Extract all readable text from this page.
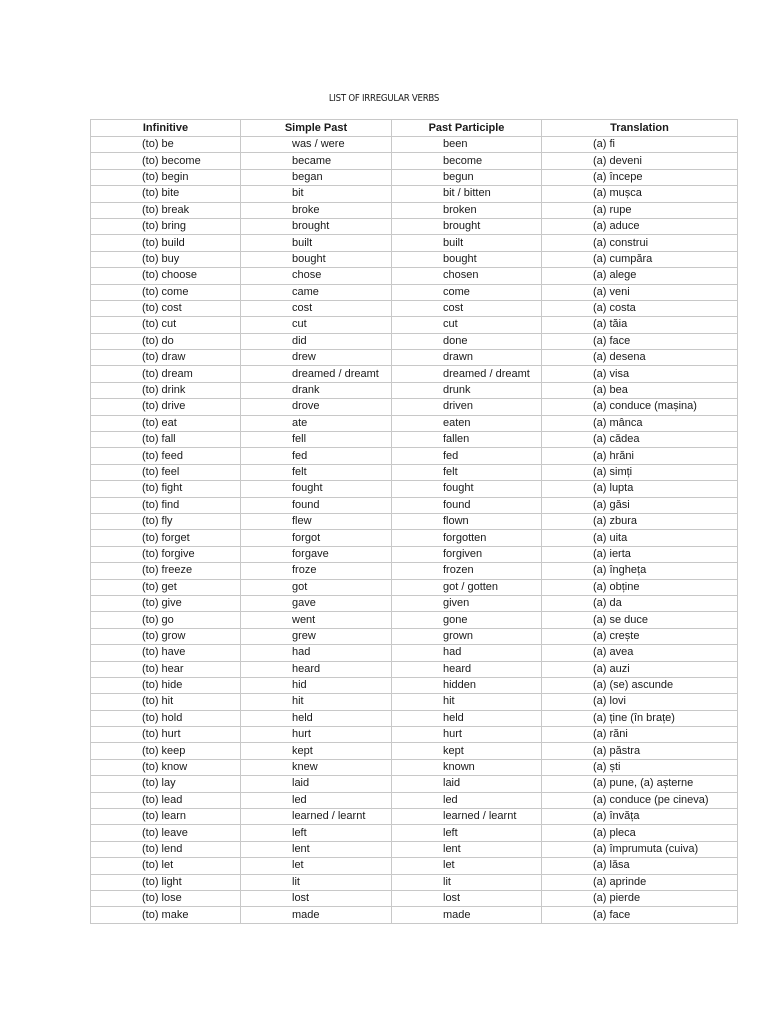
LIST OF IRREGULAR VERBS
Infinitive	Simple Past	Past Participle	Translation
(to) be	was / were	been	(a) fi
(to) become	became	become	(a) deveni
(to) begin	began	begun	(a) începe
(to) bite	bit	bit / bitten	(a) mușca
(to) break	broke	broken	(a) rupe
(to) bring	brought	brought	(a) aduce
(to) build	built	built	(a) construi
(to) buy	bought	bought	(a) cumpăra
(to) choose	chose	chosen	(a) alege
(to) come	came	come	(a) veni
(to) cost	cost	cost	(a) costa
(to) cut	cut	cut	(a) tăia
(to) do	did	done	(a) face
(to) draw	drew	drawn	(a) desena
(to) dream	dreamed / dreamt	dreamed / dreamt	(a) visa
(to) drink	drank	drunk	(a) bea
(to) drive	drove	driven	(a) conduce (mașina)
(to) eat	ate	eaten	(a) mânca
(to) fall	fell	fallen	(a) cădea
(to) feed	fed	fed	(a) hrăni
(to) feel	felt	felt	(a) simți
(to) fight	fought	fought	(a) lupta
(to) find	found	found	(a) găsi
(to) fly	flew	flown	(a) zbura
(to) forget	forgot	forgotten	(a) uita
(to) forgive	forgave	forgiven	(a) ierta
(to) freeze	froze	frozen	(a) îngheța
(to) get	got	got / gotten	(a) obține
(to) give	gave	given	(a) da
(to) go	went	gone	(a) se duce
(to) grow	grew	grown	(a) crește
(to) have	had	had	(a) avea
(to) hear	heard	heard	(a) auzi
(to) hide	hid	hidden	(a) (se) ascunde
(to) hit	hit	hit	(a) lovi
(to) hold	held	held	(a) ține (în brațe)
(to) hurt	hurt	hurt	(a) răni
(to) keep	kept	kept	(a) păstra
(to) know	knew	known	(a) ști
(to) lay	laid	laid	(a) pune, (a) așterne
(to) lead	led	led	(a) conduce (pe cineva)
(to) learn	learned / learnt	learned / learnt	(a) învăța
(to) leave	left	left	(a) pleca
(to) lend	lent	lent	(a) împrumuta (cuiva)
(to) let	let	let	(a) lăsa
(to) light	lit	lit	(a) aprinde
(to) lose	lost	lost	(a) pierde
(to) make	made	made	(a) face
